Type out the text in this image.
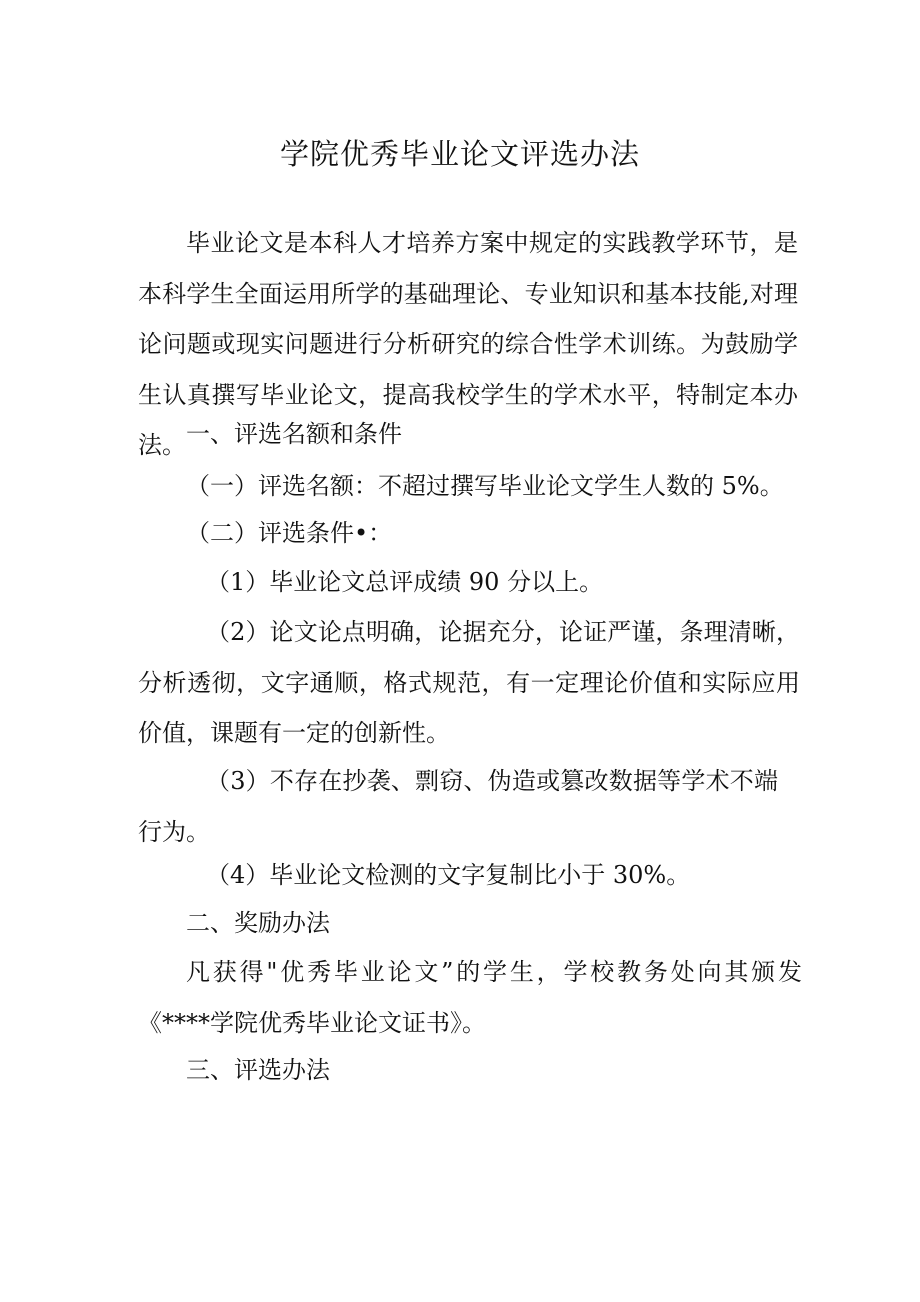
学院优秀毕业论文评选办法

毕业论文是本科人才培养方案中规定的实践教学环节，是本科学生全面运用所学的基础理论、专业知识和基本技能,对理论问题或现实问题进行分析研究的综合性学术训练。为鼓励学生认真撰写毕业论文，提高我校学生的学术水平，特制定本办法。 一、评选名额和条件
（一）评选名额：不超过撰写毕业论文学生人数的 5%。
（二）评选条件•：
（1）毕业论文总评成绩 90 分以上。

（2）论文论点明确，论据充分，论证严谨，条理清晰，分析透彻，文字通顺，格式规范，有一定理论价值和实际应用价值，课题有一定的创新性。

（3）不存在抄袭、剽窃、伪造或篡改数据等学术不端行为。

（4）毕业论文检测的文字复制比小于 30%。
二、奖励办法

凡获得"优秀毕业论文”的学生，学校教务处向其颁发《****学院优秀毕业论文证书》。

三、评选办法
